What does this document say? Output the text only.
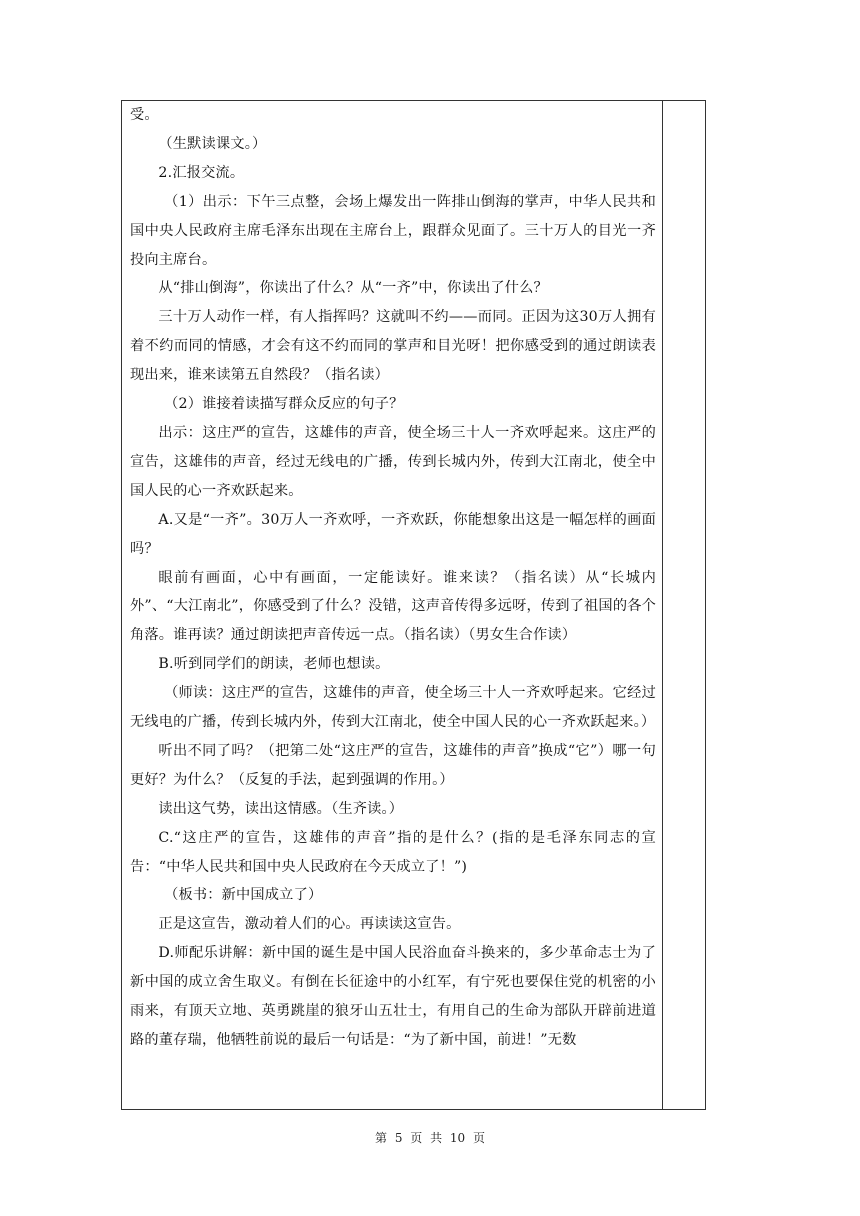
受。

（生默读课文。）

2.汇报交流。

（1）出示：下午三点整，会场上爆发出一阵排山倒海的掌声，中华人民共和国中央人民政府主席毛泽东出现在主席台上，跟群众见面了。三十万人的目光一齐投向主席台。

从“排山倒海”，你读出了什么？从“一齐”中，你读出了什么？

三十万人动作一样，有人指挥吗？这就叫不约——而同。正因为这30万人拥有着不约而同的情感，才会有这不约而同的掌声和目光呀！把你感受到的通过朗读表现出来，谁来读第五自然段？（指名读）

（2）谁接着读描写群众反应的句子？

出示：这庄严的宣告，这雄伟的声音，使全场三十人一齐欢呼起来。这庄严的宣告，这雄伟的声音，经过无线电的广播，传到长城内外，传到大江南北，使全中国人民的心一齐欢跃起来。

A.又是“一齐”。30万人一齐欢呼，一齐欢跃，你能想象出这是一幅怎样的画面吗？

眼前有画面，心中有画面，一定能读好。谁来读？（指名读）从“长城内外”、“大江南北”，你感受到了什么？没错，这声音传得多远呀，传到了祖国的各个角落。谁再读？通过朗读把声音传远一点。（指名读）（男女生合作读）

B.听到同学们的朗读，老师也想读。

（师读：这庄严的宣告，这雄伟的声音，使全场三十人一齐欢呼起来。它经过无线电的广播，传到长城内外，传到大江南北，使全中国人民的心一齐欢跃起来。）

听出不同了吗？（把第二处“这庄严的宣告，这雄伟的声音”换成“它”）哪一句更好？为什么？（反复的手法，起到强调的作用。）

读出这气势，读出这情感。（生齐读。）

C.“这庄严的宣告，这雄伟的声音”指的是什么？(指的是毛泽东同志的宣告：“中华人民共和国中央人民政府在今天成立了！”)

（板书：新中国成立了）

正是这宣告，激动着人们的心。再读读这宣告。

D.师配乐讲解：新中国的诞生是中国人民浴血奋斗换来的，多少革命志士为了新中国的成立舍生取义。有倒在长征途中的小红军，有宁死也要保住党的机密的小雨来，有顶天立地、英勇跳崖的狼牙山五壮士，有用自己的生命为部队开辟前进道路的董存瑞，他牺牲前说的最后一句话是：“为了新中国，前进！”无数

第 5 页 共 10 页
